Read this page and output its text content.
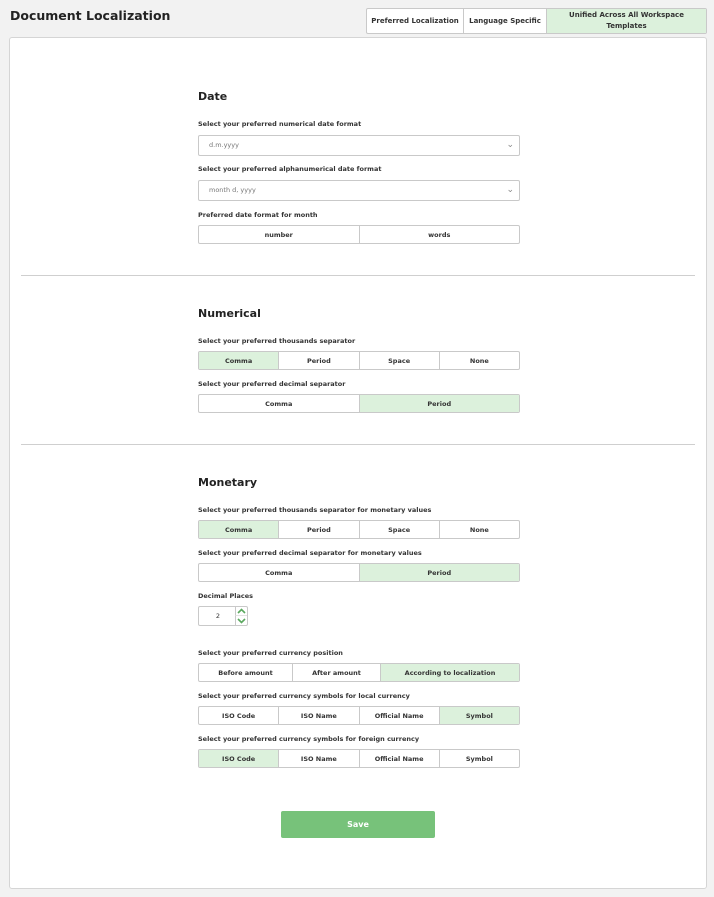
Document Localization	Preferred Localization	Language Specific
Unified Across All Workspace Templates
Date
Select your preferred numerical date format
d.m.yyyy	⌄
Select your preferred alphanumerical date format
month d, yyyy	⌄
Preferred date format for month
number	words
Numerical
Select your preferred thousands separator
Comma	Period	Space	None
Select your preferred decimal separator
Comma	Period
Monetary
Select your preferred thousands separator for monetary values
Comma	Period	Space	None
Select your preferred decimal separator for monetary values
Comma	Period
Decimal Places
2
Select your preferred currency position
Before amount	After amount	According to localization
Select your preferred currency symbols for local currency
ISO Code	ISO Name	Official Name	Symbol
Select your preferred currency symbols for foreign currency
ISO Code	ISO Name	Official Name	Symbol
Save
